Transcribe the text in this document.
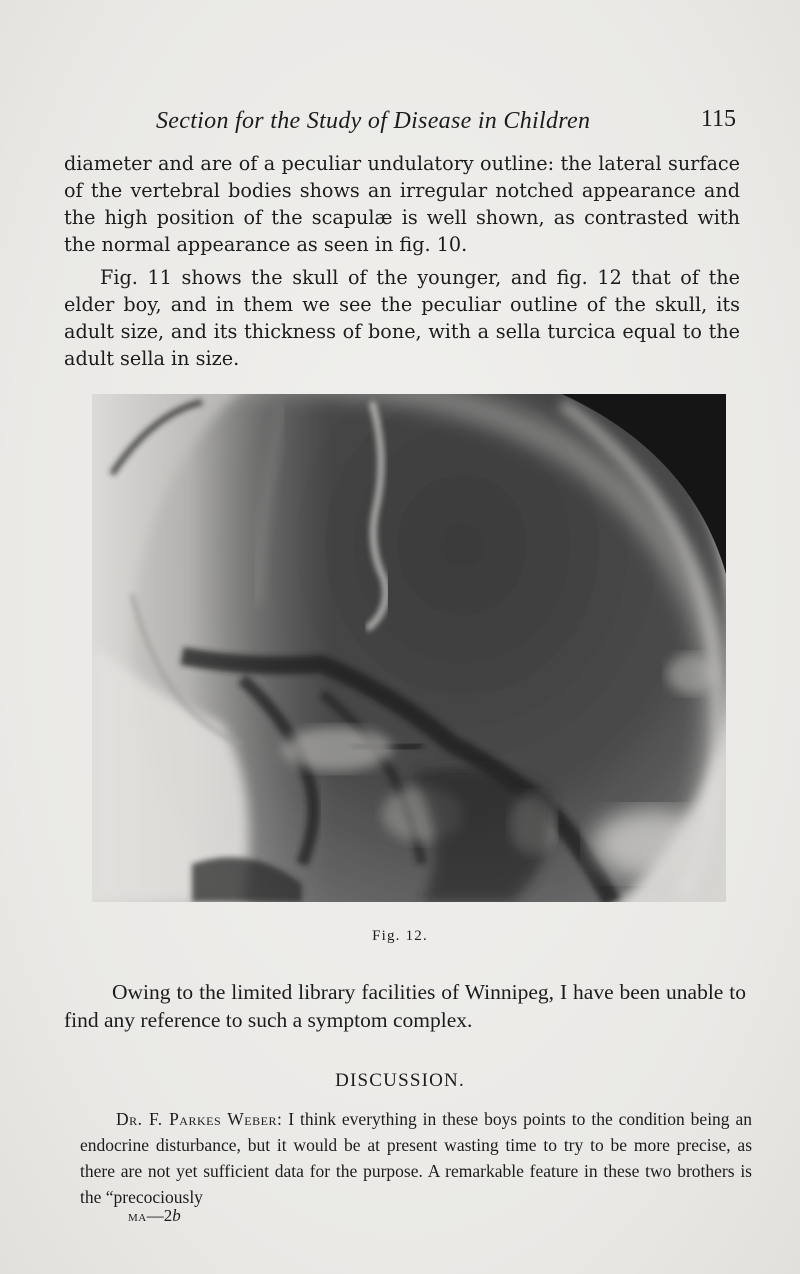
Section for the Study of Disease in Children	115

diameter and are of a peculiar undulatory outline: the lateral surface of the vertebral bodies shows an irregular notched appearance and the high position of the scapulæ is well shown, as contrasted with the normal appearance as seen in fig. 10.

Fig. 11 shows the skull of the younger, and fig. 12 that of the elder boy, and in them we see the peculiar outline of the skull, its adult size, and its thickness of bone, with a sella turcica equal to the adult sella in size.

Fig. 12.

Owing to the limited library facilities of Winnipeg, I have been unable to find any reference to such a symptom complex.

DISCUSSION.

Dr. F. Parkes Weber: I think everything in these boys points to the condition being an endocrine disturbance, but it would be at present wasting time to try to be more precise, as there are not yet sufficient data for the purpose. A remarkable feature in these two brothers is the “precociously

ma—2b
